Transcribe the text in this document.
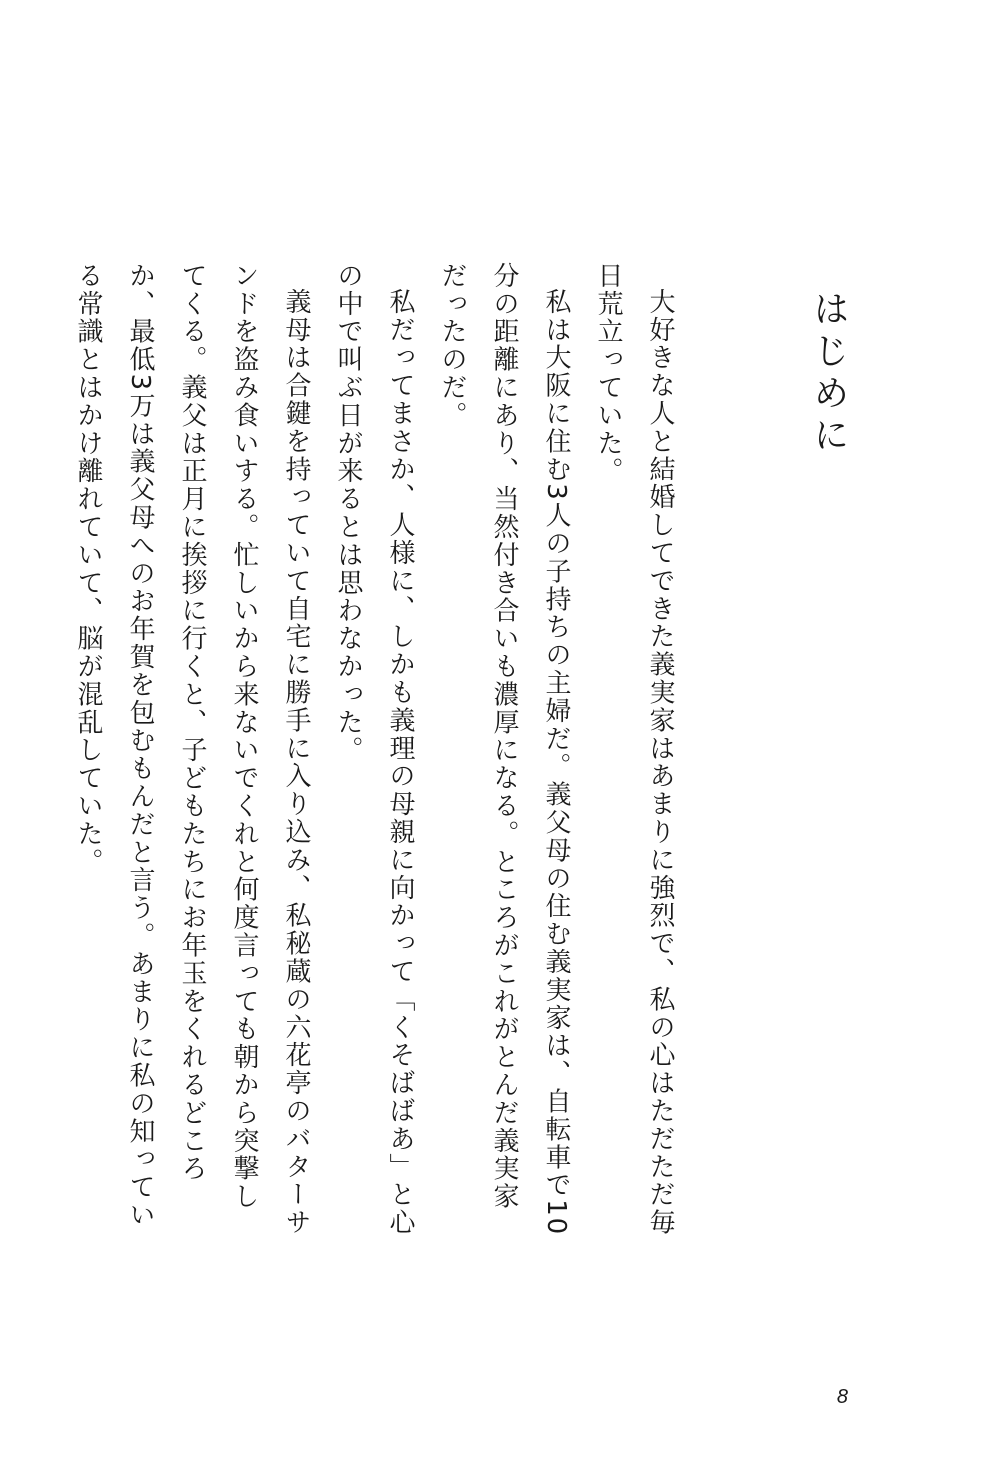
はじめに

大好きな人と結婚してできた義実家はあまりに強烈で、私の心はただただ毎日荒立っていた。

私は大阪に住む3人の子持ちの主婦だ。義父母の住む義実家は、自転車で10分の距離にあり、当然付き合いも濃厚になる。ところがこれがとんだ義実家だったのだ。

私だってまさか、人様に、しかも義理の母親に向かって「くそばばあ」と心の中で叫ぶ日が来るとは思わなかった。

義母は合鍵を持っていて自宅に勝手に入り込み、私秘蔵の六花亭のバターサンドを盗み食いする。忙しいから来ないでくれと何度言っても朝から突撃してくる。義父は正月に挨拶に行くと、子どもたちにお年玉をくれるどころか、最低3万は義父母へのお年賀を包むもんだと言う。あまりに私の知っている常識とはかけ離れていて、脳が混乱していた。

8
